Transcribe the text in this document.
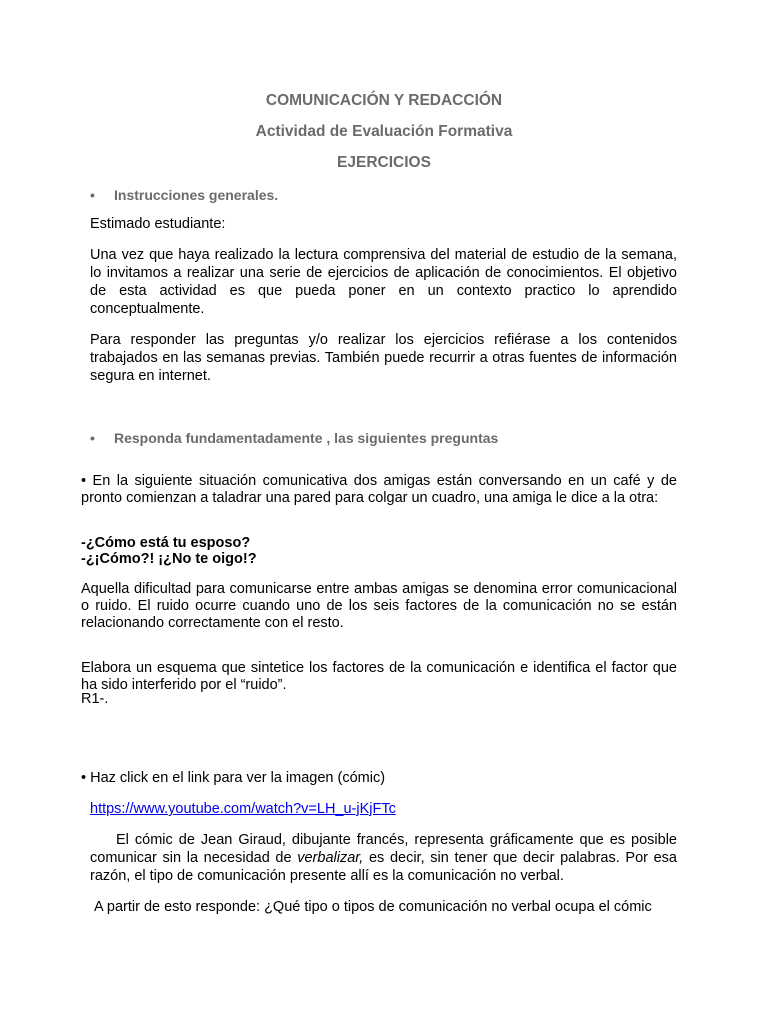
COMUNICACIÓN Y REDACCIÓN
Actividad de Evaluación Formativa
EJERCICIOS
• Instrucciones generales.
Estimado estudiante:
Una vez que haya realizado la lectura comprensiva del material de estudio de la semana, lo invitamos a realizar una serie de ejercicios de aplicación de conocimientos. El objetivo de esta actividad es que pueda poner en un contexto practico lo aprendido conceptualmente.
Para responder las preguntas y/o realizar los ejercicios refiérase a los contenidos trabajados en las semanas previas. También puede recurrir a otras fuentes de información segura en internet.
• Responda fundamentadamente , las siguientes preguntas
• En la siguiente situación comunicativa dos amigas están conversando en un café y de pronto comienzan a taladrar una pared para colgar un cuadro, una amiga le dice a la otra:
-¿Cómo está tu esposo?
-¿¡Cómo?! ¡¿No te oigo!?
Aquella dificultad para comunicarse entre ambas amigas se denomina error comunicacional o ruido. El ruido ocurre cuando uno de los seis factores de la comunicación no se están relacionando correctamente con el resto.
Elabora un esquema que sintetice los factores de la comunicación e identifica el factor que ha sido interferido por el “ruido”.
R1-.
• Haz click en el link para ver la imagen (cómic)
https://www.youtube.com/watch?v=LH_u-jKjFTc
El cómic de Jean Giraud, dibujante francés, representa gráficamente que es posible comunicar sin la necesidad de verbalizar, es decir, sin tener que decir palabras. Por esa razón, el tipo de comunicación presente allí es la comunicación no verbal.
A partir de esto responde: ¿Qué tipo o tipos de comunicación no verbal ocupa el cómic
